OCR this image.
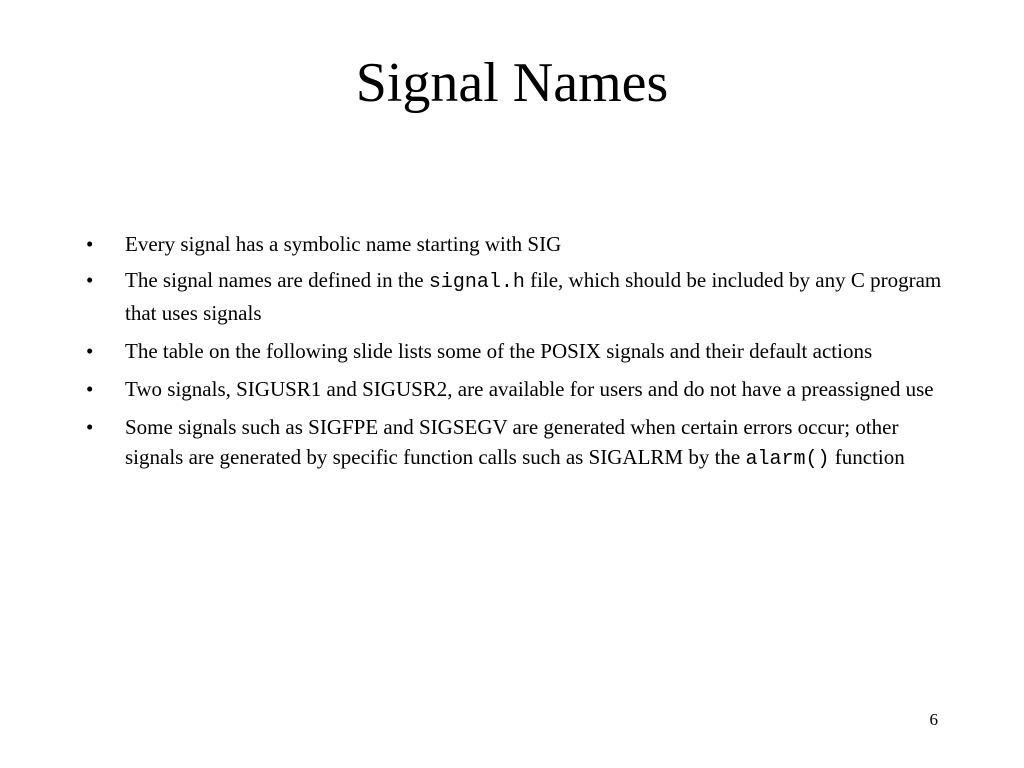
Signal Names
• Every signal has a symbolic name starting with SIG
• The signal names are defined in the signal.h file, which should be included by any C program that uses signals
• The table on the following slide lists some of the POSIX signals and their default actions
• Two signals, SIGUSR1 and SIGUSR2, are available for users and do not have a preassigned use
• Some signals such as SIGFPE and SIGSEGV are generated when certain errors occur; other signals are generated by specific function calls such as SIGALRM by the alarm() function
6
